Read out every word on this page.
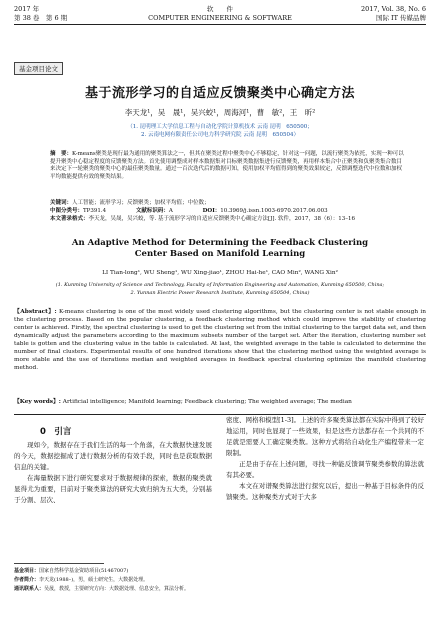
2017 年	软　　件	2017, Vol. 38, No. 6
第 38 卷　第 6 期	COMPUTER ENGINEERING & SOFTWARE	国际 IT 传媒品牌
基金项目论文
基于流形学习的自适应反馈聚类中心确定方法
李天龙¹，吴　晟¹，吴兴蛟¹，周海河¹，曹　敏²，王　昕²
（1. 昆明理工大学信息工程与自动化学院计算机技术 云南 昆明　650500；
2. 云南电网有限责任公司电力科学研究院 云南 昆明　650504）
摘　要：K-means聚类是现行最为通用的聚类算法之一，但其在聚类过程中聚类中心不够稳定，针对这一问题，以流行聚类为依托，实现一种可以提升聚类中心稳定程度的反馈聚类方法。首先使用调整成对样本数据集对目标聚类数据集进行反馈聚类，再用样本集合中正聚类和负聚类集合数目来决定下一轮聚类的聚类中心的最佳聚类数量。通过一百次迭代后的数据可知，使用加权平均值得到的聚类效果较定，反馈调整迭代中位数和加权平均数能提供有效的聚类结果。
关键词：人工智能；流形学习；反馈聚类；加权平均值；中位数；
中图分类号：TP391.4	文献标识码：A	DOI：10.3969/j.issn.1003-6970.2017.06.003
本文著录格式：李天龙，吴晟，吴兴蛟，等. 基于流形学习的自适应反馈聚类中心确定方法[J]. 软件，2017，38（6）：13–16
An Adaptive Method for Determining the Feedback Clustering
Center Based on Manifold Learning
LI Tian-long¹, WU Sheng¹, WU Xing-jiao¹, ZHOU Hai-he¹, CAO Min², WANG Xin²
(1. Kunming University of Science and Technology, Faculty of Information Engineering and Automation, Kunming 650500, China;
2. Yunnan Electric Power Research Institute, Kunming 650504, China)
【Abstract】: K-means clustering is one of the most widely used clustering algorithms, but the clustering center is not stable enough in the clustering process. Based on the popular clustering, a feedback clustering method which could improve the stability of clustering center is achieved. Firstly, the spectral clustering is used to get the clustering set from the initial clustering to the target data set, and then dynamically adjust the parameters according to the maximum subsets number of the target set. After the iteration, clustering number set table is gotten and the clustering value in the table is calculated. At last, the weighted average in the table is calculated to determine the number of final clusters. Experimental results of one hundred iterations show that the clustering method using the weighted average is more stable and the use of iterations median and weighted averages in feedback spectral clustering optimize the manifold clustering method.
【Key words】: Artificial intelligence; Manifold learning; Feedback clustering; The weighted average; The median
0　引言

现如今，数据存在于我们生活的每一个角落，在大数据快速发展的今天，数据挖掘成了进行数据分析的有效手段，同时也是获取数据信息的关键。

在海量数据下进行研究要求对于数据规律的探索，数据的聚类就显得尤为重要，目前对于聚类算法的研究大致归纳为五大类，分别基于分割、层次、

密度、网格和模型[1-3]。上述的许多聚类算法都在实际中得到了较好地运用，同时也显现了一些效果，但是这些方法都存在一个共同的不足就是需要人工确定聚类数。这种方式将给自动化生产编程带来一定限制。

正是由于存在上述问题，寻找一种能反馈调节聚类参数的算法就有其必要。

本文在对谱聚类算法进行探究以后，提出一种基于目标条件的反馈聚类。这种聚类方式对于大多

基金项目：国家自然科学基金资助项目(51467007)
作者简介：李天龙(1988–)，男，硕士研究生，大数据处理。
通讯联系人：吴晟，教授，主要研究方向：大数据处理、信息安全，算法分析。
